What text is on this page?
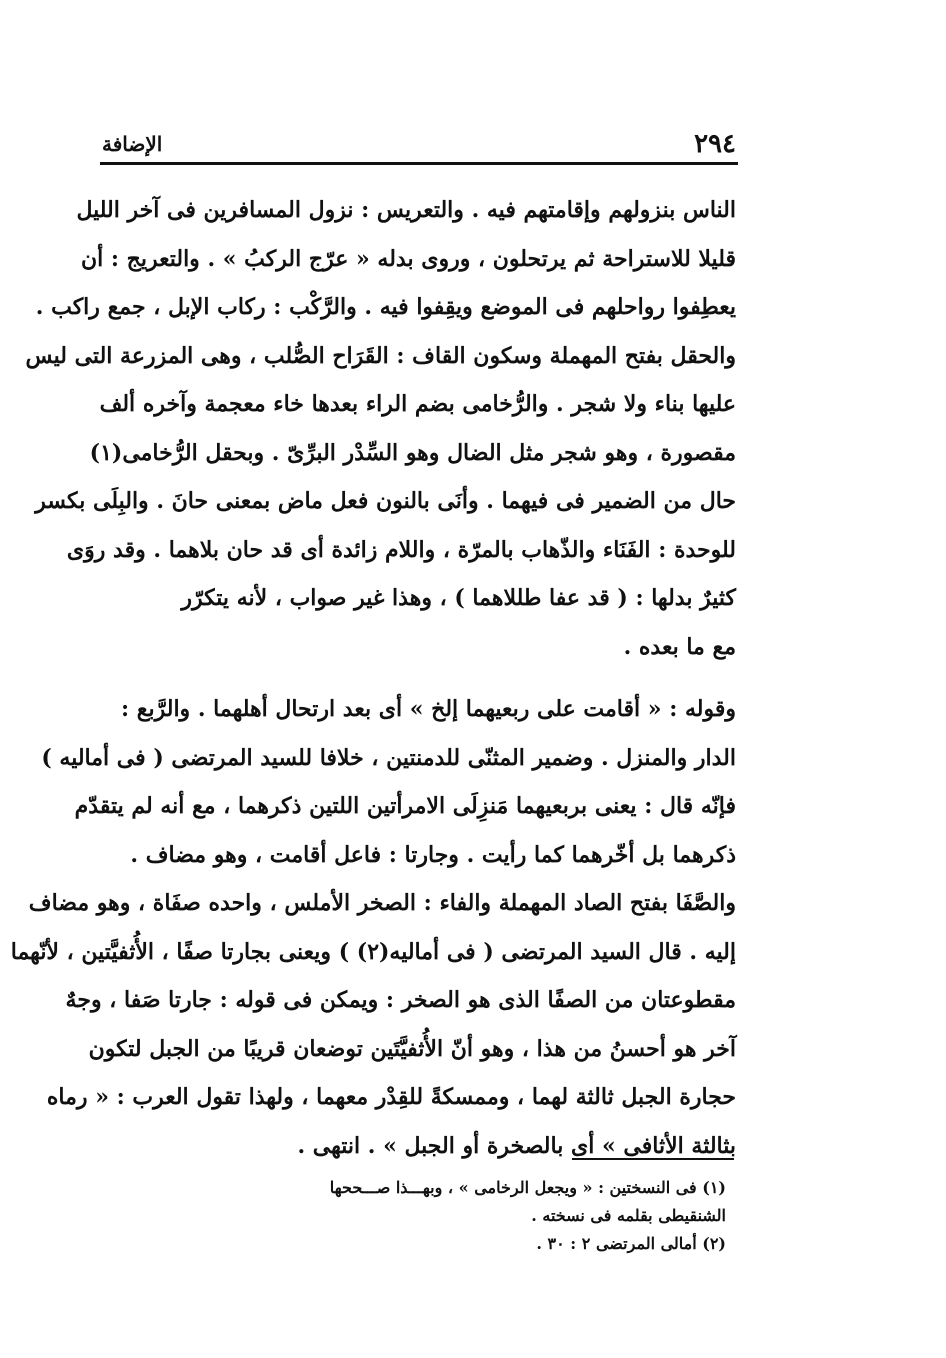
٢٩٤
الإضافة
الناس بنزولهم وإقامتهم فيه . والتعريس : نزول المسافرين فى آخر الليل
قليلا للاستراحة ثم يرتحلون ، وروى بدله « عرّج الركبُ » . والتعريج : أن
يعطِفوا رواحلهم فى الموضع ويقِفوا فيه . والرَّكْب : ركاب الإبل ، جمع راكب .
والحقل بفتح المهملة وسكون القاف : القَرَاح الصُّلب ، وهى المزرعة التى ليس
عليها بناء ولا شجر . والرُّخامى بضم الراء بعدها خاء معجمة وآخره ألف
مقصورة ، وهو شجر مثل الضال وهو السِّدْر البرِّىّ . وبحقل الرُّخامى(١)
حال من الضمير فى فيهما . وأنَى بالنون فعل ماض بمعنى حانَ . والبِلَى بكسر
للوحدة : الفَنَاء والذّهاب بالمرّة ، واللام زائدة أى قد حان بلاهما . وقد روَى
كثيرٌ بدلها : ( قد عفا طللاهما ) ، وهذا غير صواب ، لأنه يتكرّر
مع ما بعده .
وقوله : « أقامت على ربعيهما إلخ » أى بعد ارتحال أهلهما . والرَّبع :
الدار والمنزل . وضمير المثنّى للدمنتين ، خلافا للسيد المرتضى ( فى أماليه )
فإنّه قال : يعنى بربعيهما مَنزِلَى الامرأتين اللتين ذكرهما ، مع أنه لم يتقدّم
ذكرهما بل أخّرهما كما رأيت . وجارتا : فاعل أقامت ، وهو مضاف .
والصَّفَا بفتح الصاد المهملة والفاء : الصخر الأملس ، واحده صفَاة ، وهو مضاف
إليه . قال السيد المرتضى ( فى أماليه(٢) ) ويعنى بجارتا صفًا ، الأُثفيَّتين ، لأنّهما
مقطوعتان من الصفًا الذى هو الصخر : ويمكن فى قوله : جارتا صَفا ، وجهٌ
آخر هو أحسنُ من هذا ، وهو أنّ الأُثفيَّتَين توضعان قريبًا من الجبل لتكون
حجارة الجبل ثالثة لهما ، وممسكةً للقِدْر معهما ، ولهذا تقول العرب : « رماه
بثالثة الأثافى » أى بالصخرة أو الجبل » . انتهى .
(١) فى النسختين : « ويجعل الرخامى » ، وبهـــذا صـــححها
الشنقيطى بقلمه فى نسخته .
(٢) أمالى المرتضى ٢ : ٣٠ .
